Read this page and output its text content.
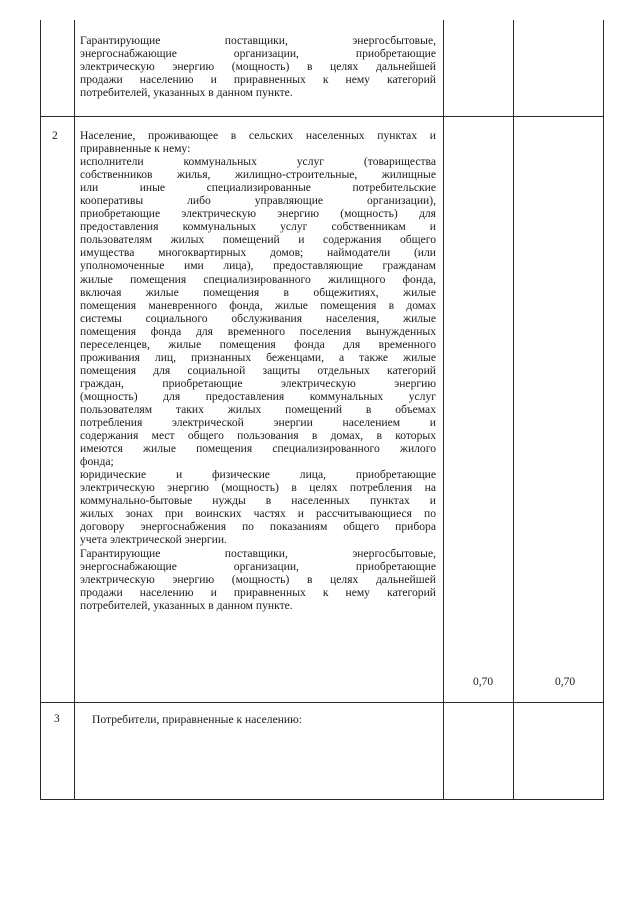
Гарантирующие поставщики, энергосбытовые,
энергоснабжающие организации, приобретающие
электрическую энергию (мощность) в целях дальнейшей
продажи населению и приравненных к нему категорий
потребителей, указанных в данном пункте.
2 Население, проживающее в сельских населенных пунктах и
приравненные к нему:
исполнители коммунальных услуг (товарищества
собственников жилья, жилищно-строительные, жилищные
или иные специализированные потребительские
кооперативы либо управляющие организации),
приобретающие электрическую энергию (мощность) для
предоставления коммунальных услуг собственникам и
пользователям жилых помещений и содержания общего
имущества многоквартирных домов; наймодатели (или
уполномоченные ими лица), предоставляющие гражданам
жилые помещения специализированного жилищного фонда,
включая жилые помещения в общежитиях, жилые
помещения маневренного фонда, жилые помещения в домах
системы социального обслуживания населения, жилые
помещения фонда для временного поселения вынужденных
переселенцев, жилые помещения фонда для временного
проживания лиц, признанных беженцами, а также жилые
помещения для социальной защиты отдельных категорий
граждан, приобретающие электрическую энергию
(мощность) для предоставления коммунальных услуг
пользователям таких жилых помещений в объемах
потребления электрической энергии населением и
содержания мест общего пользования в домах, в которых
имеются жилые помещения специализированного жилого
фонда;
юридические и физические лица, приобретающие
электрическую энергию (мощность) в целях потребления на
коммунально-бытовые нужды в населенных пунктах и
жилых зонах при воинских частях и рассчитывающиеся по
договору энергоснабжения по показаниям общего прибора
учета электрической энергии.
Гарантирующие поставщики, энергосбытовые,
энергоснабжающие организации, приобретающие
электрическую энергию (мощность) в целях дальнейшей
продажи населению и приравненных к нему категорий
потребителей, указанных в данном пункте.
0,70	0,70
3	Потребители, приравненные к населению:
